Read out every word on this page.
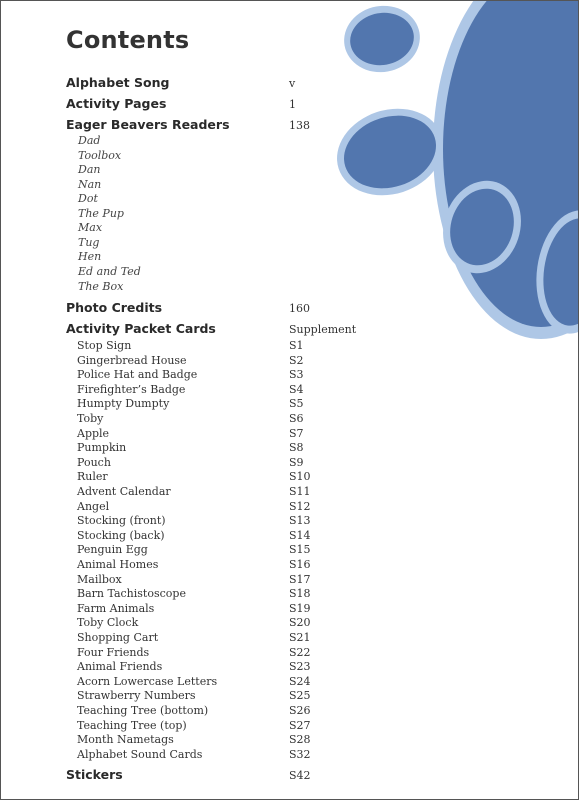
Contents
Alphabet Song	v
Activity Pages	1
Eager Beavers Readers	138
Dad
Toolbox
Dan
Nan
Dot
The Pup
Max
Tug
Hen
Ed and Ted
The Box
Photo Credits	160
Activity Packet Cards	Supplement
Stop Sign	S1
Gingerbread House	S2
Police Hat and Badge	S3
Firefighter’s Badge	S4
Humpty Dumpty	S5
Toby	S6
Apple	S7
Pumpkin	S8
Pouch	S9
Ruler	S10
Advent Calendar	S11
Angel	S12
Stocking (front)	S13
Stocking (back)	S14
Penguin Egg	S15
Animal Homes	S16
Mailbox	S17
Barn Tachistoscope	S18
Farm Animals	S19
Toby Clock	S20
Shopping Cart	S21
Four Friends	S22
Animal Friends	S23
Acorn Lowercase Letters	S24
Strawberry Numbers	S25
Teaching Tree (bottom)	S26
Teaching Tree (top)	S27
Month Nametags	S28
Alphabet Sound Cards	S32
Stickers	S42
